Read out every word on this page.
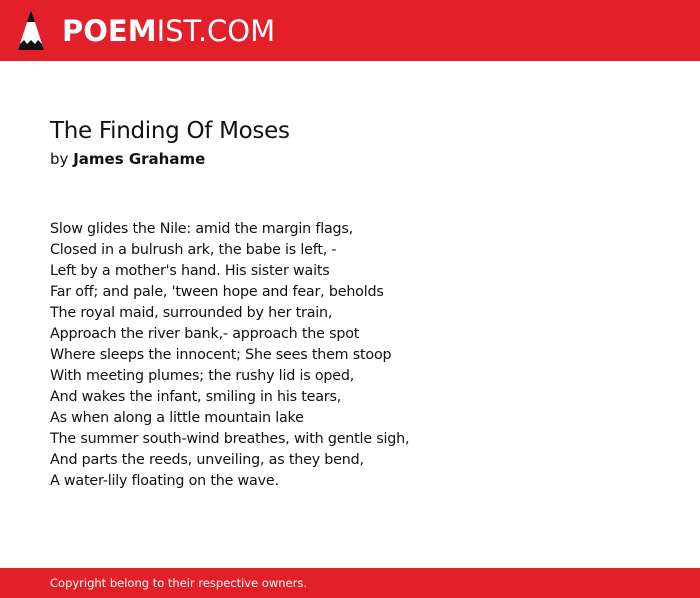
POEMIST.COM
The Finding Of Moses
by James Grahame
Slow glides the Nile: amid the margin flags,
Closed in a bulrush ark, the babe is left, -
Left by a mother's hand. His sister waits
Far off; and pale, 'tween hope and fear, beholds
The royal maid, surrounded by her train,
Approach the river bank,- approach the spot
Where sleeps the innocent; She sees them stoop
With meeting plumes; the rushy lid is oped,
And wakes the infant, smiling in his tears,
As when along a little mountain lake
The summer south-wind breathes, with gentle sigh,
And parts the reeds, unveiling, as they bend,
A water-lily floating on the wave.
Copyright belong to their respective owners.
